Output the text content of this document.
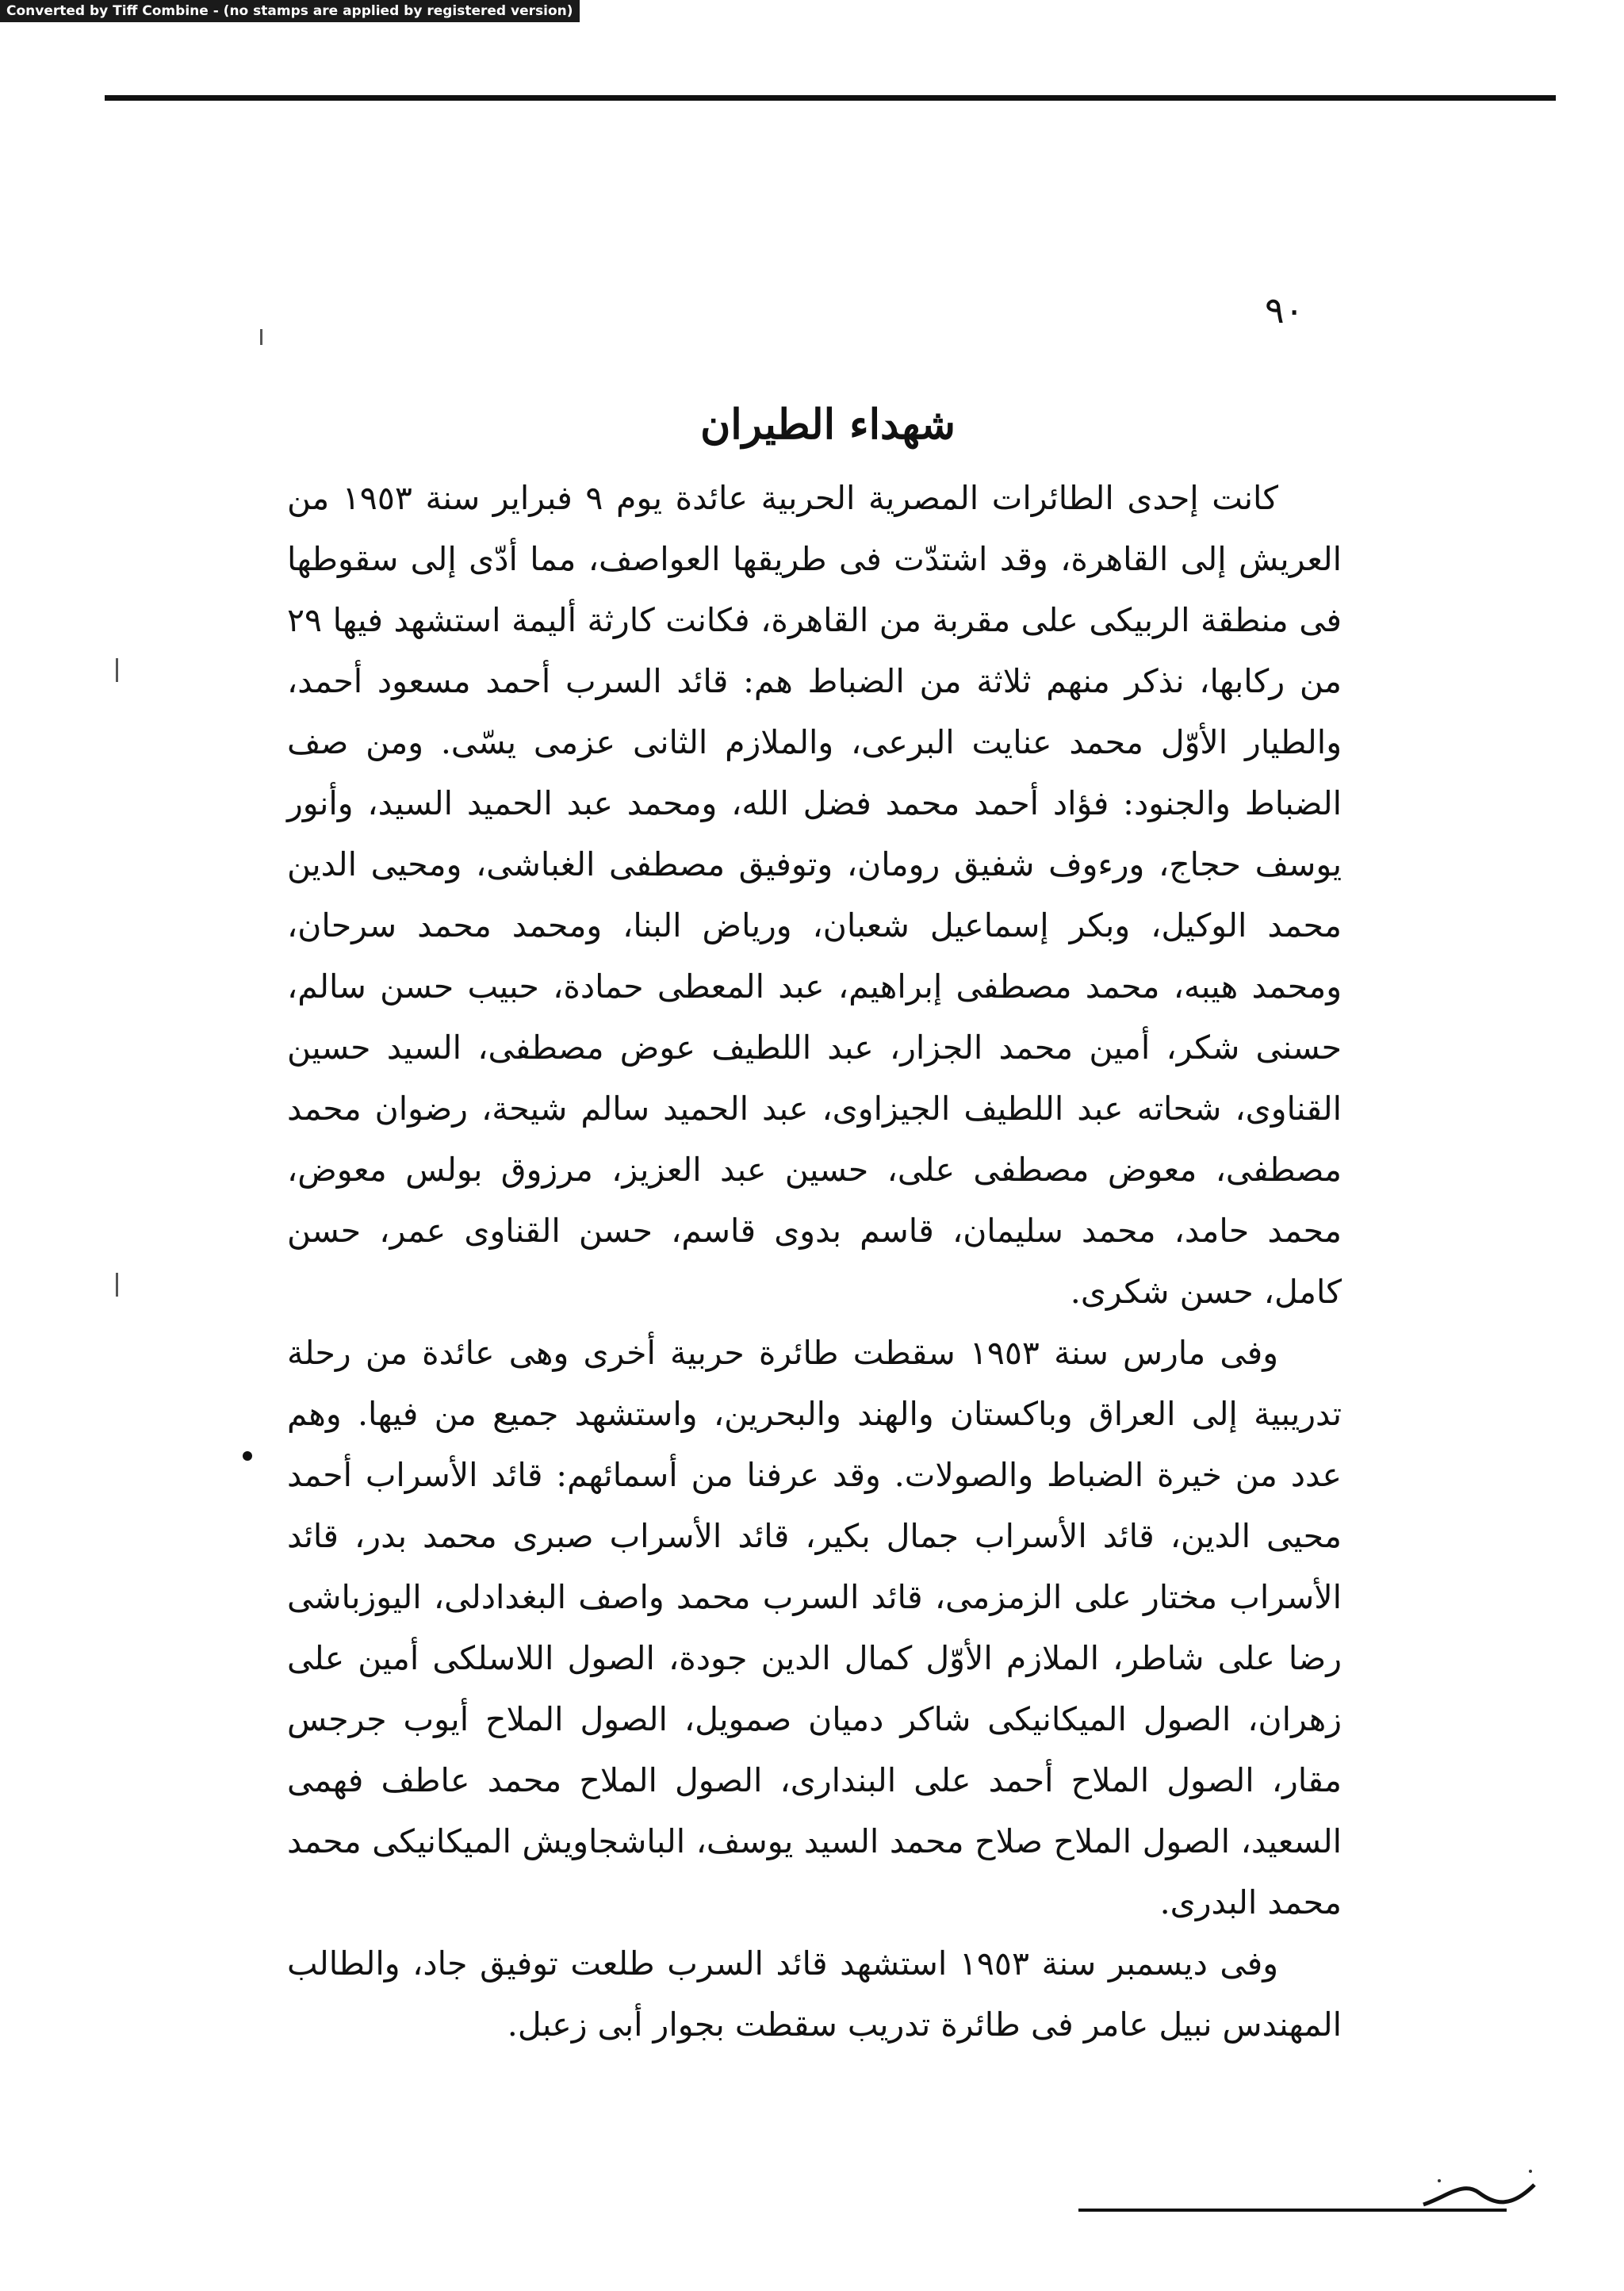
Converted by Tiff Combine - (no stamps are applied by registered version)
٩٠
شهداء الطيران

كانت إحدى الطائرات المصرية الحربية عائدة يوم ٩ فبراير سنة ١٩٥٣ من العريش إلى القاهرة، وقد اشتدّت فى طريقها العواصف، مما أدّى إلى سقوطها فى منطقة الربيكى على مقربة من القاهرة، فكانت كارثة أليمة استشهد فيها ٢٩ من ركابها، نذكر منهم ثلاثة من الضباط هم: قائد السرب أحمد مسعود أحمد، والطيار الأوّل محمد عنايت البرعى، والملازم الثانى عزمى يسّى. ومن صف الضباط والجنود: فؤاد أحمد محمد فضل الله، ومحمد عبد الحميد السيد، وأنور يوسف حجاج، ورءوف شفيق رومان، وتوفيق مصطفى الغباشى، ومحيى الدين محمد الوكيل، وبكر إسماعيل شعبان، ورياض البنا، ومحمد محمد سرحان، ومحمد هيبه، محمد مصطفى إبراهيم، عبد المعطى حمادة، حبيب حسن سالم، حسنى شكر، أمين محمد الجزار، عبد اللطيف عوض مصطفى، السيد حسين القناوى، شحاته عبد اللطيف الجيزاوى، عبد الحميد سالم شيحة، رضوان محمد مصطفى، معوض مصطفى على، حسين عبد العزيز، مرزوق بولس معوض، محمد حامد، محمد سليمان، قاسم بدوى قاسم، حسن القناوى عمر، حسن كامل، حسن شكرى.

وفى مارس سنة ١٩٥٣ سقطت طائرة حربية أخرى وهى عائدة من رحلة تدريبية إلى العراق وباكستان والهند والبحرين، واستشهد جميع من فيها. وهم عدد من خيرة الضباط والصولات. وقد عرفنا من أسمائهم: قائد الأسراب أحمد محيى الدين، قائد الأسراب جمال بكير، قائد الأسراب صبرى محمد بدر، قائد الأسراب مختار على الزمزمى، قائد السرب محمد واصف البغدادلى، اليوزباشى رضا على شاطر، الملازم الأوّل كمال الدين جودة، الصول اللاسلكى أمين على زهران، الصول الميكانيكى شاكر دميان صمويل، الصول الملاح أيوب جرجس مقار، الصول الملاح أحمد على البندارى، الصول الملاح محمد عاطف فهمى السعيد، الصول الملاح صلاح محمد السيد يوسف، الباشجاويش الميكانيكى محمد محمد البدرى.

وفى ديسمبر سنة ١٩٥٣ استشهد قائد السرب طلعت توفيق جاد، والطالب المهندس نبيل عامر فى طائرة تدريب سقطت بجوار أبى زعبل.
